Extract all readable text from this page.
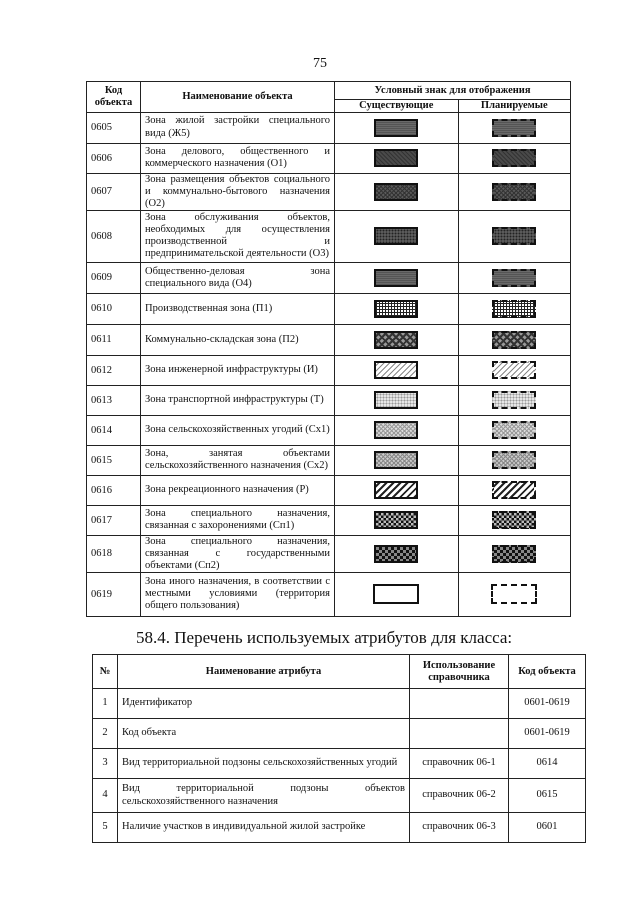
75
Код объекта	Наименование объекта	Условный знак для отображения	
		Существующие	Планируемые
0605	Зона жилой застройки специального вида (Ж5)		
0606	Зона делового, общественного и коммерческого назначения (О1)		
0607	Зона размещения объектов социального и коммунально-бытового назначения (О2)		
0608	Зона обслуживания объектов, необходимых для осуществления производственной и предпринимательской деятельности (О3)		
0609	Общественно-деловая зона специального вида (О4)		
0610	Производственная зона (П1)		
0611	Коммунально-складская зона (П2)		
0612	Зона инженерной инфраструктуры (И)		
0613	Зона транспортной инфраструктуры (Т)		
0614	Зона сельскохозяйственных угодий (Сх1)		
0615	Зона, занятая объектами сельскохозяйственного назначения (Сх2)		
0616	Зона рекреационного назначения (Р)		
0617	Зона специального назначения, связанная с захоронениями (Сп1)		
0618	Зона специального назначения, связанная с государственными объектами (Сп2)		
0619	Зона иного назначения, в соответствии с местными условиями (территория общего пользования)		
58.4. Перечень используемых атрибутов для класса:
№	Наименование атрибута	Использование справочника	Код объекта
1	Идентификатор		0601-0619
2	Код объекта		0601-0619
3	Вид территориальной подзоны сельскохозяйственных угодий	справочник 06-1	0614
4	Вид территориальной подзоны объектов сельскохозяйственного назначения	справочник 06-2	0615
5	Наличие участков в индивидуальной жилой застройке	справочник 06-3	0601
